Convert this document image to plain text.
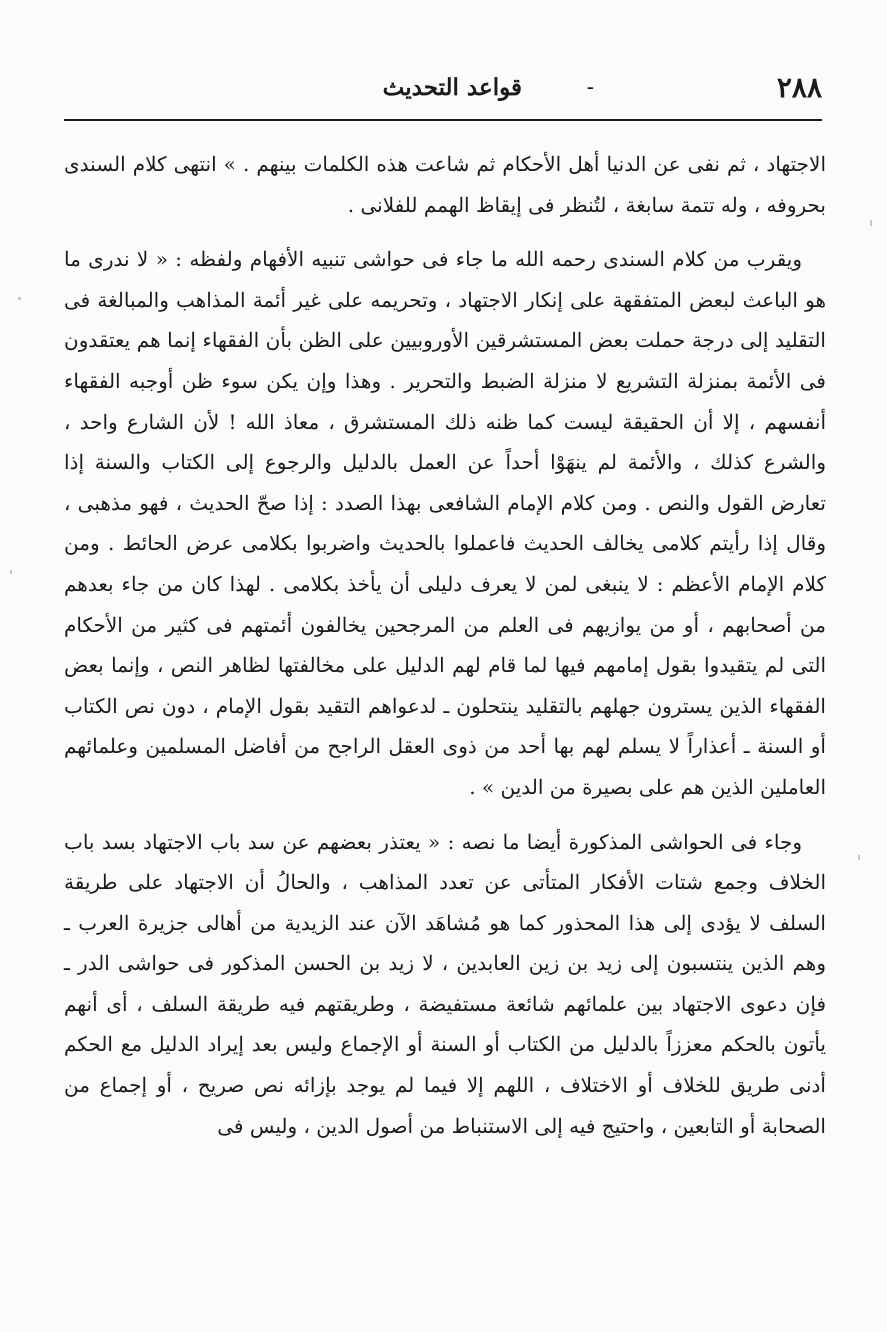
٢٨٨
-
قواعد التحديث

الاجتهاد ، ثم نفى عن الدنيا أهل الأحكام ثم شاعت هذه الكلمات بينهم . » انتهى كلام السندى بحروفه ، وله تتمة سابغة ، لتُنظر فى إيقاظ الهمم للفلانى .

ويقرب من كلام السندى رحمه الله ما جاء فى حواشى تنبيه الأفهام ولفظه : « لا ندرى ما هو الباعث لبعض المتفقهة على إنكار الاجتهاد ، وتحريمه على غير أئمة المذاهب والمبالغة فى التقليد إلى درجة حملت بعض المستشرقين الأوروبيين على الظن بأن الفقهاء إنما هم يعتقدون فى الأئمة بمنزلة التشريع لا منزلة الضبط والتحرير . وهذا وإن يكن سوء ظن أوجبه الفقهاء أنفسهم ، إلا أن الحقيقة ليست كما ظنه ذلك المستشرق ، معاذ الله ! لأن الشارع واحد ، والشرع كذلك ، والأئمة لم ينهَوْا أحداً عن العمل بالدليل والرجوع إلى الكتاب والسنة إذا تعارض القول والنص . ومن كلام الإمام الشافعى بهذا الصدد : إذا صحّ الحديث ، فهو مذهبى ، وقال إذا رأيتم كلامى يخالف الحديث فاعملوا بالحديث واضربوا بكلامى عرض الحائط . ومن كلام الإمام الأعظم : لا ينبغى لمن لا يعرف دليلى أن يأخذ بكلامى . لهذا كان من جاء بعدهم من أصحابهم ، أو من يوازيهم فى العلم من المرجحين يخالفون أئمتهم فى كثير من الأحكام التى لم يتقيدوا بقول إمامهم فيها لما قام لهم الدليل على مخالفتها لظاهر النص ، وإنما بعض الفقهاء الذين يسترون جهلهم بالتقليد ينتحلون ـ لدعواهم التقيد بقول الإمام ، دون نص الكتاب أو السنة ـ أعذاراً لا يسلم لهم بها أحد من ذوى العقل الراجح من أفاضل المسلمين وعلمائهم العاملين الذين هم على بصيرة من الدين » .

وجاء فى الحواشى المذكورة أيضا ما نصه : « يعتذر بعضهم عن سد باب الاجتهاد بسد باب الخلاف وجمع شتات الأفكار المتأتى عن تعدد المذاهب ، والحالُ أن الاجتهاد على طريقة السلف لا يؤدى إلى هذا المحذور كما هو مُشاهَد الآن عند الزيدية من أهالى جزيرة العرب ـ وهم الذين ينتسبون إلى زيد بن زين العابدين ، لا زيد بن الحسن المذكور فى حواشى الدر ـ فإن دعوى الاجتهاد بين علمائهم شائعة مستفيضة ، وطريقتهم فيه طريقة السلف ، أى أنهم يأتون بالحكم معززاً بالدليل من الكتاب أو السنة أو الإجماع وليس بعد إيراد الدليل مع الحكم أدنى طريق للخلاف أو الاختلاف ، اللهم إلا فيما لم يوجد بإزائه نص صريح ، أو إجماع من الصحابة أو التابعين ، واحتيج فيه إلى الاستنباط من أصول الدين ، وليس فى
